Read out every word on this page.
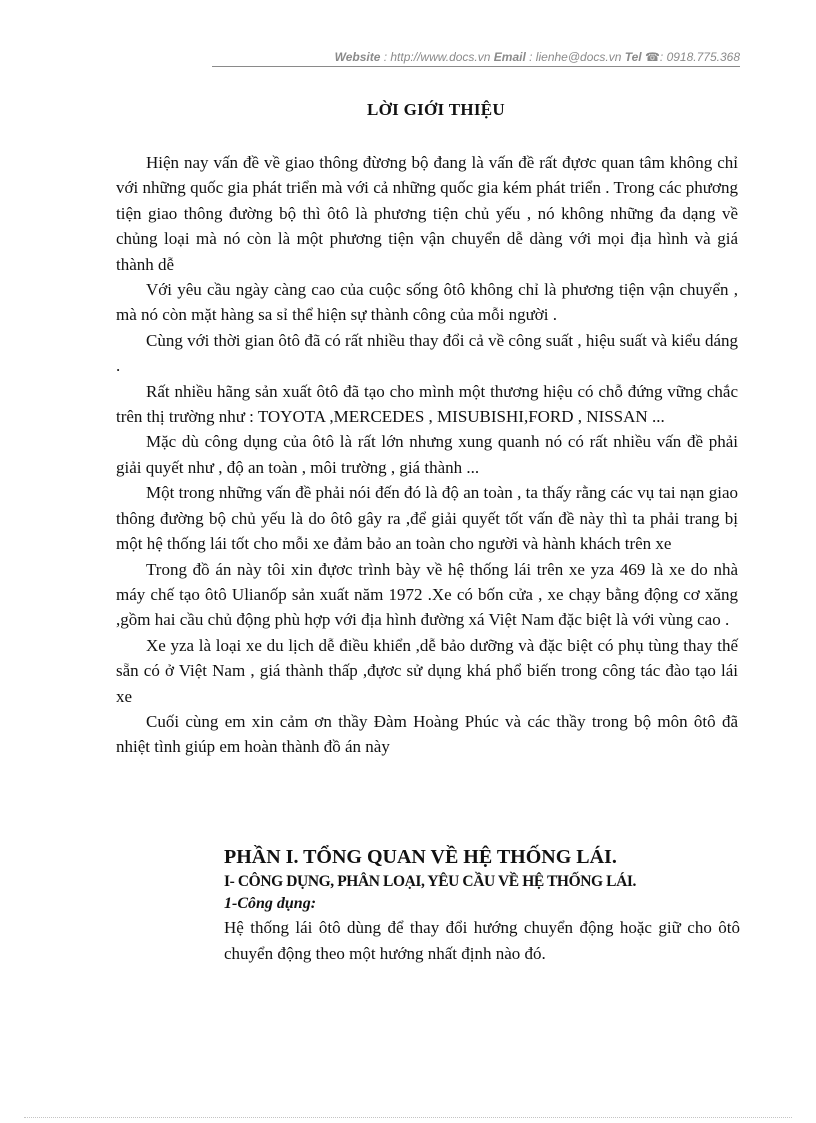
Website : http://www.docs.vn Email : lienhe@docs.vn Tel ☎: 0918.775.368
LỜI GIỚI THIỆU

Hiện nay vấn đề về giao thông đừơng bộ đang là vấn đề rất đựơc quan tâm không chỉ với những quốc gia phát triển mà với cả những quốc gia kém phát triển . Trong các phương tiện giao thông đường bộ thì ôtô là phương tiện chủ yếu , nó không những đa dạng về chủng loại mà nó còn là một phương tiện vận chuyển dễ dàng với mọi địa hình và giá thành dễ

Với yêu cầu ngày càng cao của cuộc sống ôtô không chỉ là phương tiện vận chuyển , mà nó còn mặt hàng sa sỉ thể hiện sự thành công của mỗi người .

Cùng với thời gian ôtô đã có rất nhiều thay đổi cả về công suất , hiệu suất và kiểu dáng .

Rất nhiều hãng sản xuất ôtô đã tạo cho mình một thương hiệu có chỗ đứng vững chắc trên thị trường như : TOYOTA ,MERCEDES , MISUBISHI,FORD , NISSAN ...

Mặc dù công dụng của ôtô là rất lớn nhưng xung quanh nó có rất nhiều vấn đề phải giải quyết như , độ an toàn , môi trường , giá thành ...

Một trong những vấn đề phải nói đến đó là độ an toàn , ta thấy rằng các vụ tai nạn giao thông đường bộ chủ yếu là do ôtô gây ra ,để giải quyết tốt vấn đề này thì ta phải trang bị một hệ thống lái tốt cho mỗi xe đảm bảo an toàn cho người và hành khách trên xe

Trong đồ án này tôi xin đựơc trình bày về hệ thống lái trên xe yza 469 là xe do nhà máy chế tạo ôtô Ulianốp sản xuất năm 1972 .Xe có bốn cửa , xe chạy bằng động cơ xăng ,gồm hai cầu chủ động phù hợp với địa hình đường xá Việt Nam đặc biệt là với vùng cao .

Xe yza là loại xe du lịch dễ điều khiển ,dễ bảo dưỡng và đặc biệt có phụ tùng thay thế sẵn có ở Việt Nam , giá thành thấp ,đựơc sử dụng khá phổ biến trong công tác đào tạo lái xe

Cuối cùng em xin cảm ơn thầy Đàm Hoàng Phúc và các thầy trong bộ môn ôtô đã nhiệt tình giúp em hoàn thành đồ án này

PHẦN I. TỔNG QUAN VỀ HỆ THỐNG LÁI.
I- CÔNG DỤNG, PHÂN LOẠI, YÊU CẦU VỀ HỆ THỐNG LÁI.
1-Công dụng:

Hệ thống lái ôtô dùng để thay đổi hướng chuyển động hoặc giữ cho ôtô chuyển động theo một hướng nhất định nào đó.
